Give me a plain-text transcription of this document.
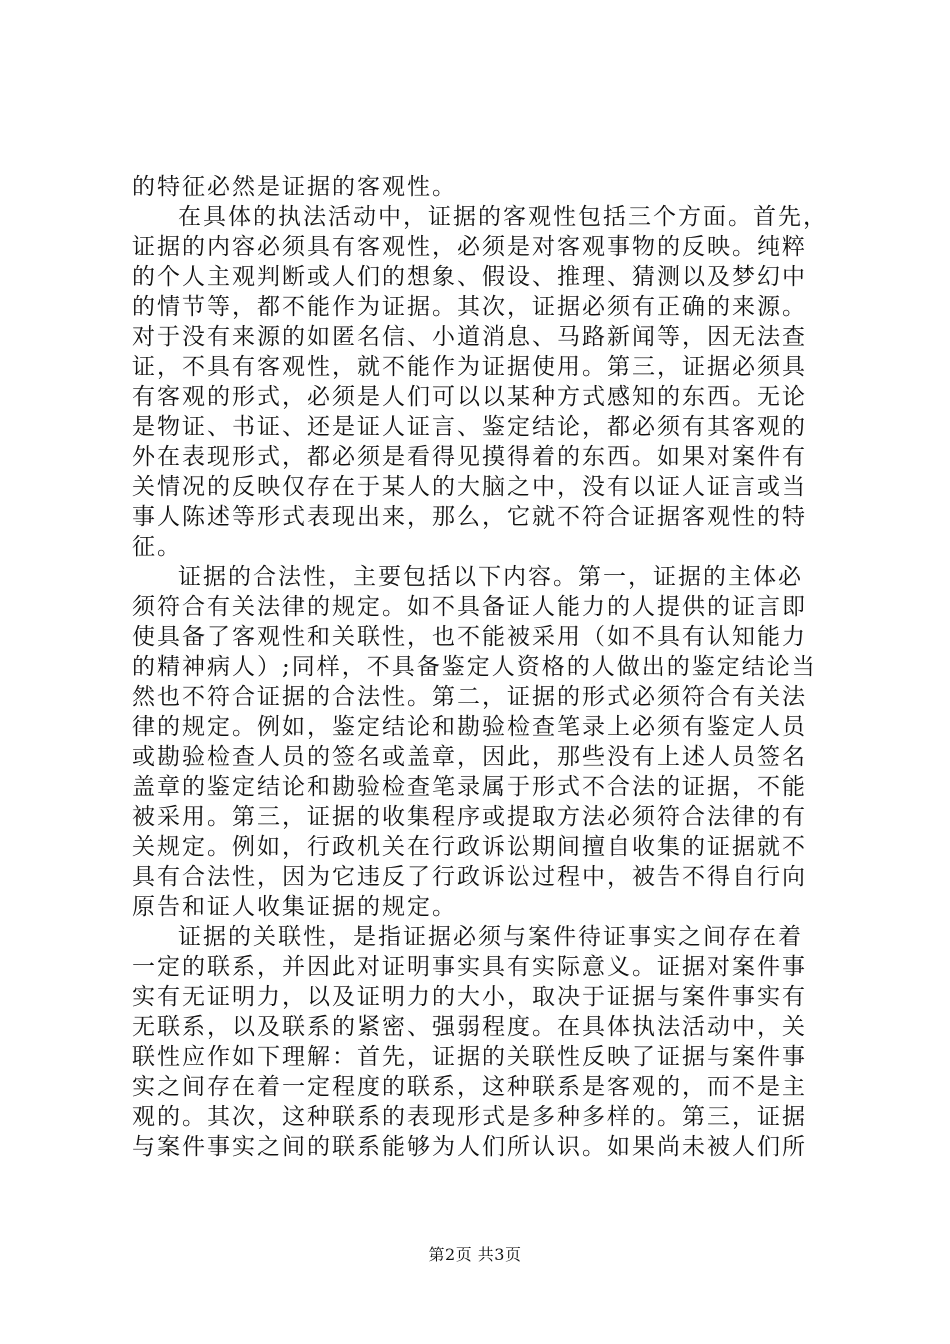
的特征必然是证据的客观性。
在具体的执法活动中，证据的客观性包括三个方面。首先，
证据的内容必须具有客观性，必须是对客观事物的反映。纯粹
的个人主观判断或人们的想象、假设、推理、猜测以及梦幻中
的情节等，都不能作为证据。其次，证据必须有正确的来源。
对于没有来源的如匿名信、小道消息、马路新闻等，因无法查
证，不具有客观性，就不能作为证据使用。第三，证据必须具
有客观的形式，必须是人们可以以某种方式感知的东西。无论
是物证、书证、还是证人证言、鉴定结论，都必须有其客观的
外在表现形式，都必须是看得见摸得着的东西。如果对案件有
关情况的反映仅存在于某人的大脑之中，没有以证人证言或当
事人陈述等形式表现出来，那么，它就不符合证据客观性的特
征。
证据的合法性，主要包括以下内容。第一，证据的主体必
须符合有关法律的规定。如不具备证人能力的人提供的证言即
使具备了客观性和关联性，也不能被采用（如不具有认知能力
的精神病人）;同样，不具备鉴定人资格的人做出的鉴定结论当
然也不符合证据的合法性。第二，证据的形式必须符合有关法
律的规定。例如，鉴定结论和勘验检查笔录上必须有鉴定人员
或勘验检查人员的签名或盖章，因此，那些没有上述人员签名
盖章的鉴定结论和勘验检查笔录属于形式不合法的证据，不能
被采用。第三，证据的收集程序或提取方法必须符合法律的有
关规定。例如，行政机关在行政诉讼期间擅自收集的证据就不
具有合法性，因为它违反了行政诉讼过程中，被告不得自行向
原告和证人收集证据的规定。
证据的关联性，是指证据必须与案件待证事实之间存在着
一定的联系，并因此对证明事实具有实际意义。证据对案件事
实有无证明力，以及证明力的大小，取决于证据与案件事实有
无联系，以及联系的紧密、强弱程度。在具体执法活动中，关
联性应作如下理解：首先，证据的关联性反映了证据与案件事
实之间存在着一定程度的联系，这种联系是客观的，而不是主
观的。其次，这种联系的表现形式是多种多样的。第三，证据
与案件事实之间的联系能够为人们所认识。如果尚未被人们所
第2页 共3页
